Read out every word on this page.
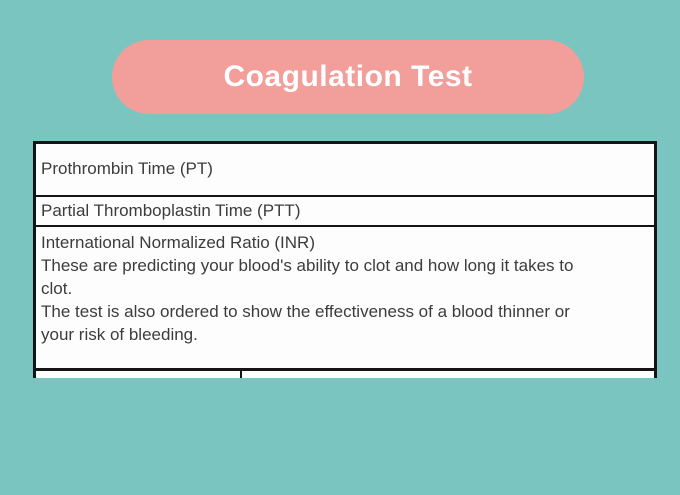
Coagulation Test
Prothrombin Time (PT)
Partial Thromboplastin Time (PTT)
International Normalized Ratio (INR)
These are predicting your blood's ability to clot and how long it takes to
clot.
The test is also ordered to show the effectiveness of a blood thinner or
your risk of bleeding.
